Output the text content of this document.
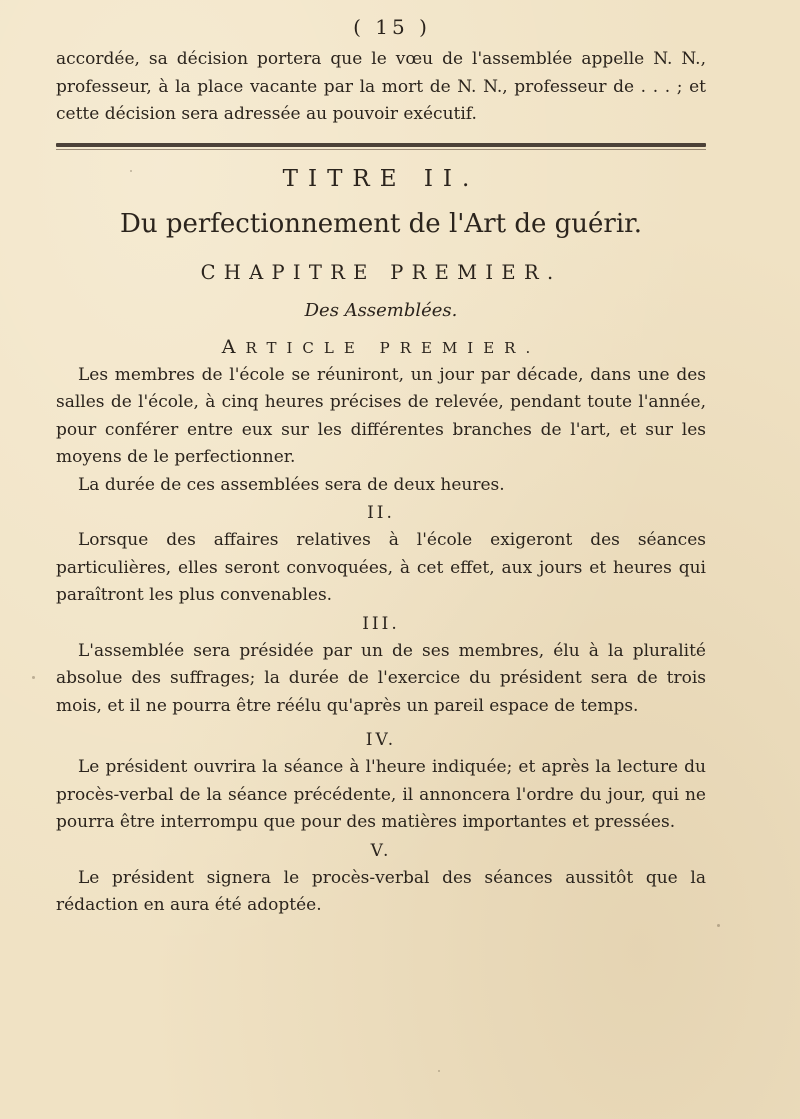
( 15 )

accordée, sa décision portera que le vœu de l'assemblée appelle N. N., professeur, à la place vacante par la mort de N. N., professeur de . . . ; et cette décision sera adressée au pouvoir exécutif.

TITRE II.
Du perfectionnement de l'Art de guérir.
CHAPITRE PREMIER.
Des Assemblées.
ARTICLE PREMIER.

Les membres de l'école se réuniront, un jour par décade, dans une des salles de l'école, à cinq heures précises de relevée, pendant toute l'année, pour conférer entre eux sur les différentes branches de l'art, et sur les moyens de le perfectionner.

La durée de ces assemblées sera de deux heures.

II.

Lorsque des affaires relatives à l'école exigeront des séances particulières, elles seront convoquées, à cet effet, aux jours et heures qui paraîtront les plus convenables.

III.

L'assemblée sera présidée par un de ses membres, élu à la pluralité absolue des suffrages; la durée de l'exercice du président sera de trois mois, et il ne pourra être réélu qu'après un pareil espace de temps.

IV.

Le président ouvrira la séance à l'heure indiquée; et après la lecture du procès-verbal de la séance précédente, il annoncera l'ordre du jour, qui ne pourra être interrompu que pour des matières importantes et pressées.

V.

Le président signera le procès-verbal des séances aussitôt que la rédaction en aura été adoptée.
